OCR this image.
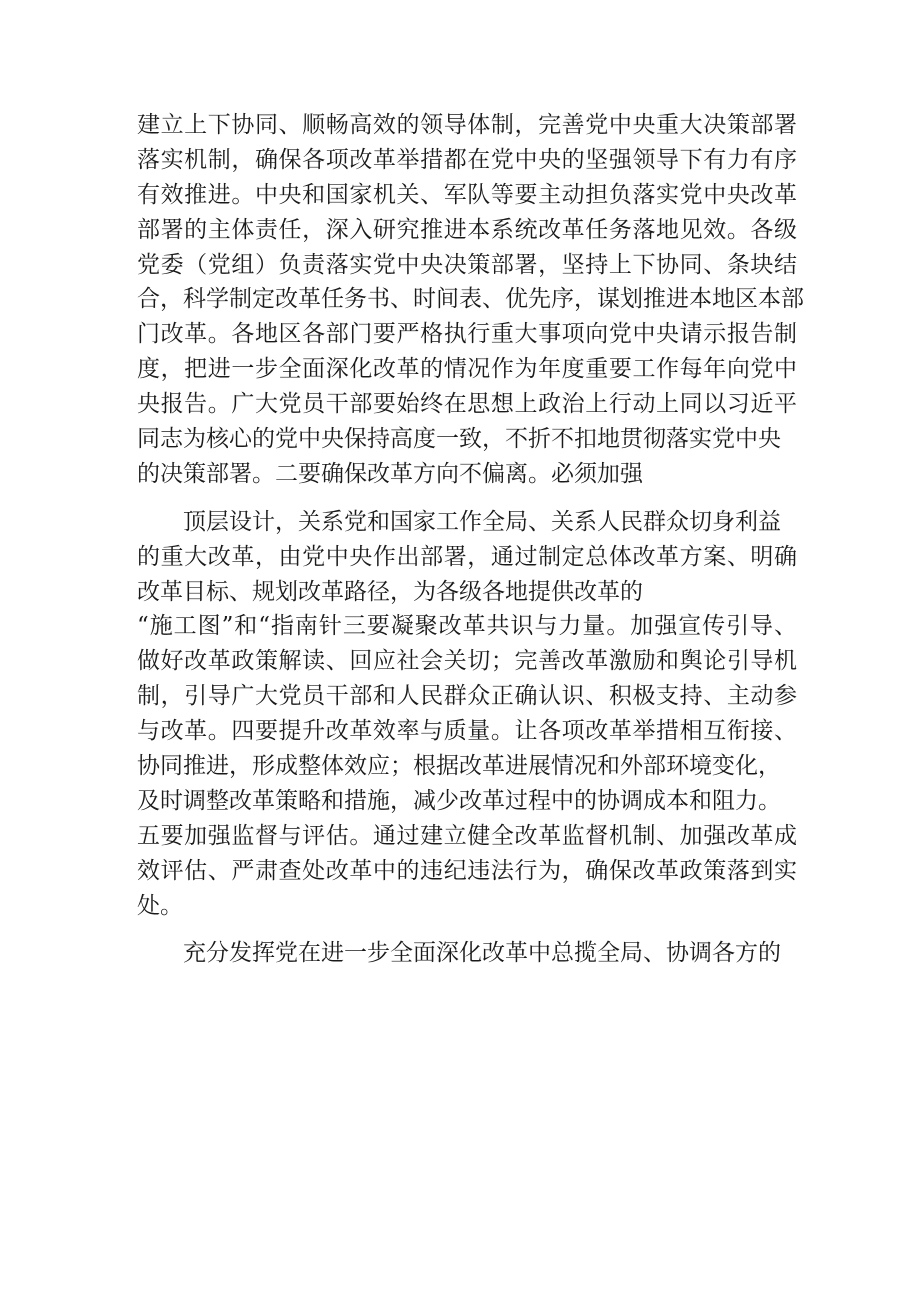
建立上下协同、顺畅高效的领导体制，完善党中央重大决策部署
落实机制，确保各项改革举措都在党中央的坚强领导下有力有序
有效推进。中央和国家机关、军队等要主动担负落实党中央改革
部署的主体责任，深入研究推进本系统改革任务落地见效。各级
党委（党组）负责落实党中央决策部署，坚持上下协同、条块结
合，科学制定改革任务书、时间表、优先序，谋划推进本地区本部
门改革。各地区各部门要严格执行重大事项向党中央请示报告制
度，把进一步全面深化改革的情况作为年度重要工作每年向党中
央报告。广大党员干部要始终在思想上政治上行动上同以习近平
同志为核心的党中央保持高度一致，不折不扣地贯彻落实党中央
的决策部署。二要确保改革方向不偏离。必须加强
顶层设计，关系党和国家工作全局、关系人民群众切身利益
的重大改革，由党中央作出部署，通过制定总体改革方案、明确
改革目标、规划改革路径，为各级各地提供改革的
“施工图”和“指南针三要凝聚改革共识与力量。加强宣传引导、
做好改革政策解读、回应社会关切；完善改革激励和舆论引导机
制，引导广大党员干部和人民群众正确认识、积极支持、主动参
与改革。四要提升改革效率与质量。让各项改革举措相互衔接、
协同推进，形成整体效应；根据改革进展情况和外部环境变化，
及时调整改革策略和措施，减少改革过程中的协调成本和阻力。
五要加强监督与评估。通过建立健全改革监督机制、加强改革成
效评估、严肃查处改革中的违纪违法行为，确保改革政策落到实
处。
充分发挥党在进一步全面深化改革中总揽全局、协调各方的
